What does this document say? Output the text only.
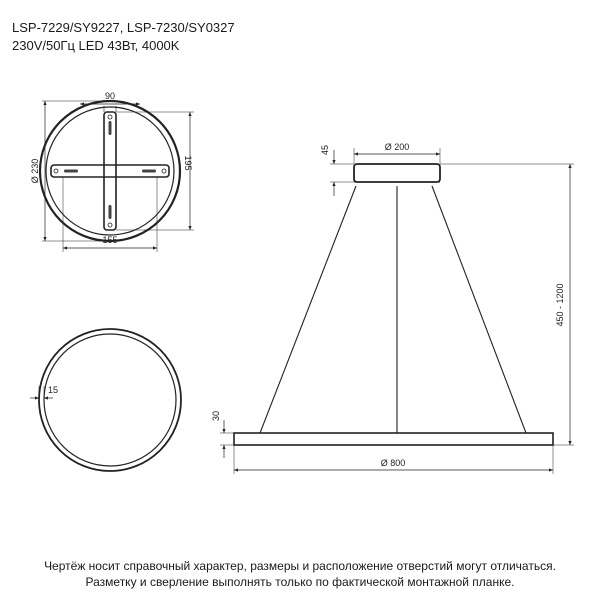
LSP-7229/SY9227, LSP-7230/SY0327
230V/50Гц LED 43Вт, 4000K
90
Ø 230	195
155
15
Ø 200
45
450 - 1200
30
Ø 800
Чертёж носит справочный характер, размеры и расположение отверстий могут отличаться.
Разметку и сверление выполнять только по фактической монтажной планке.
